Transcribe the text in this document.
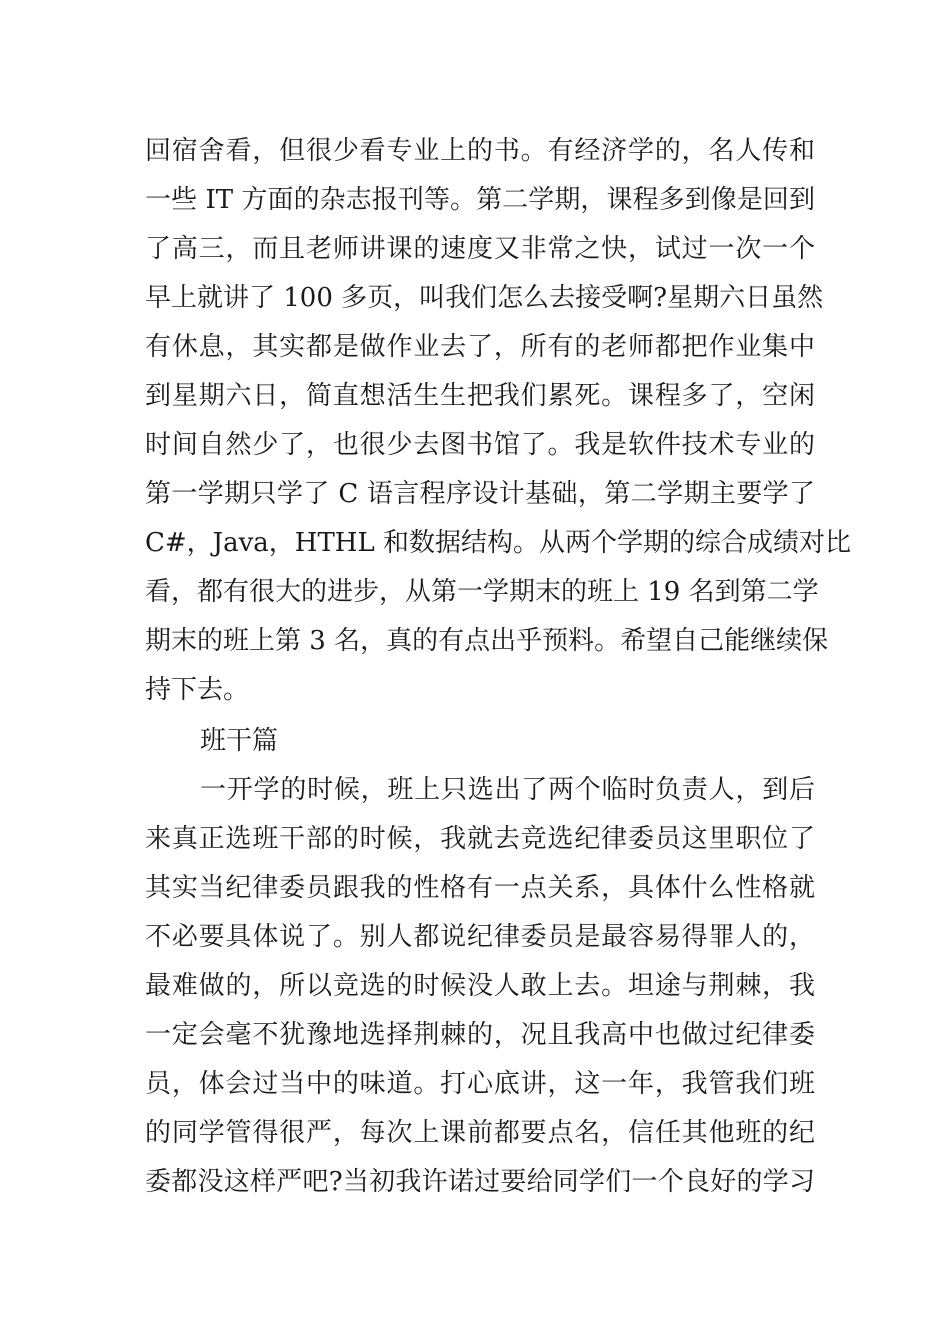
回宿舍看，但很少看专业上的书。有经济学的，名人传和
一些 IT 方面的杂志报刊等。第二学期，课程多到像是回到
了高三，而且老师讲课的速度又非常之快，试过一次一个
早上就讲了 100 多页，叫我们怎么去接受啊?星期六日虽然
有休息，其实都是做作业去了，所有的老师都把作业集中
到星期六日，简直想活生生把我们累死。课程多了，空闲
时间自然少了，也很少去图书馆了。我是软件技术专业的
第一学期只学了 C 语言程序设计基础，第二学期主要学了
C#，Java，HTHL 和数据结构。从两个学期的综合成绩对比
看，都有很大的进步，从第一学期末的班上 19 名到第二学
期末的班上第 3 名，真的有点出乎预料。希望自己能继续保
持下去。
班干篇
一开学的时候，班上只选出了两个临时负责人，到后
来真正选班干部的时候，我就去竞选纪律委员这里职位了
其实当纪律委员跟我的性格有一点关系，具体什么性格就
不必要具体说了。别人都说纪律委员是最容易得罪人的，
最难做的，所以竞选的时候没人敢上去。坦途与荆棘，我
一定会毫不犹豫地选择荆棘的，况且我高中也做过纪律委
员，体会过当中的味道。打心底讲，这一年，我管我们班
的同学管得很严，每次上课前都要点名，信任其他班的纪
委都没这样严吧?当初我许诺过要给同学们一个良好的学习
